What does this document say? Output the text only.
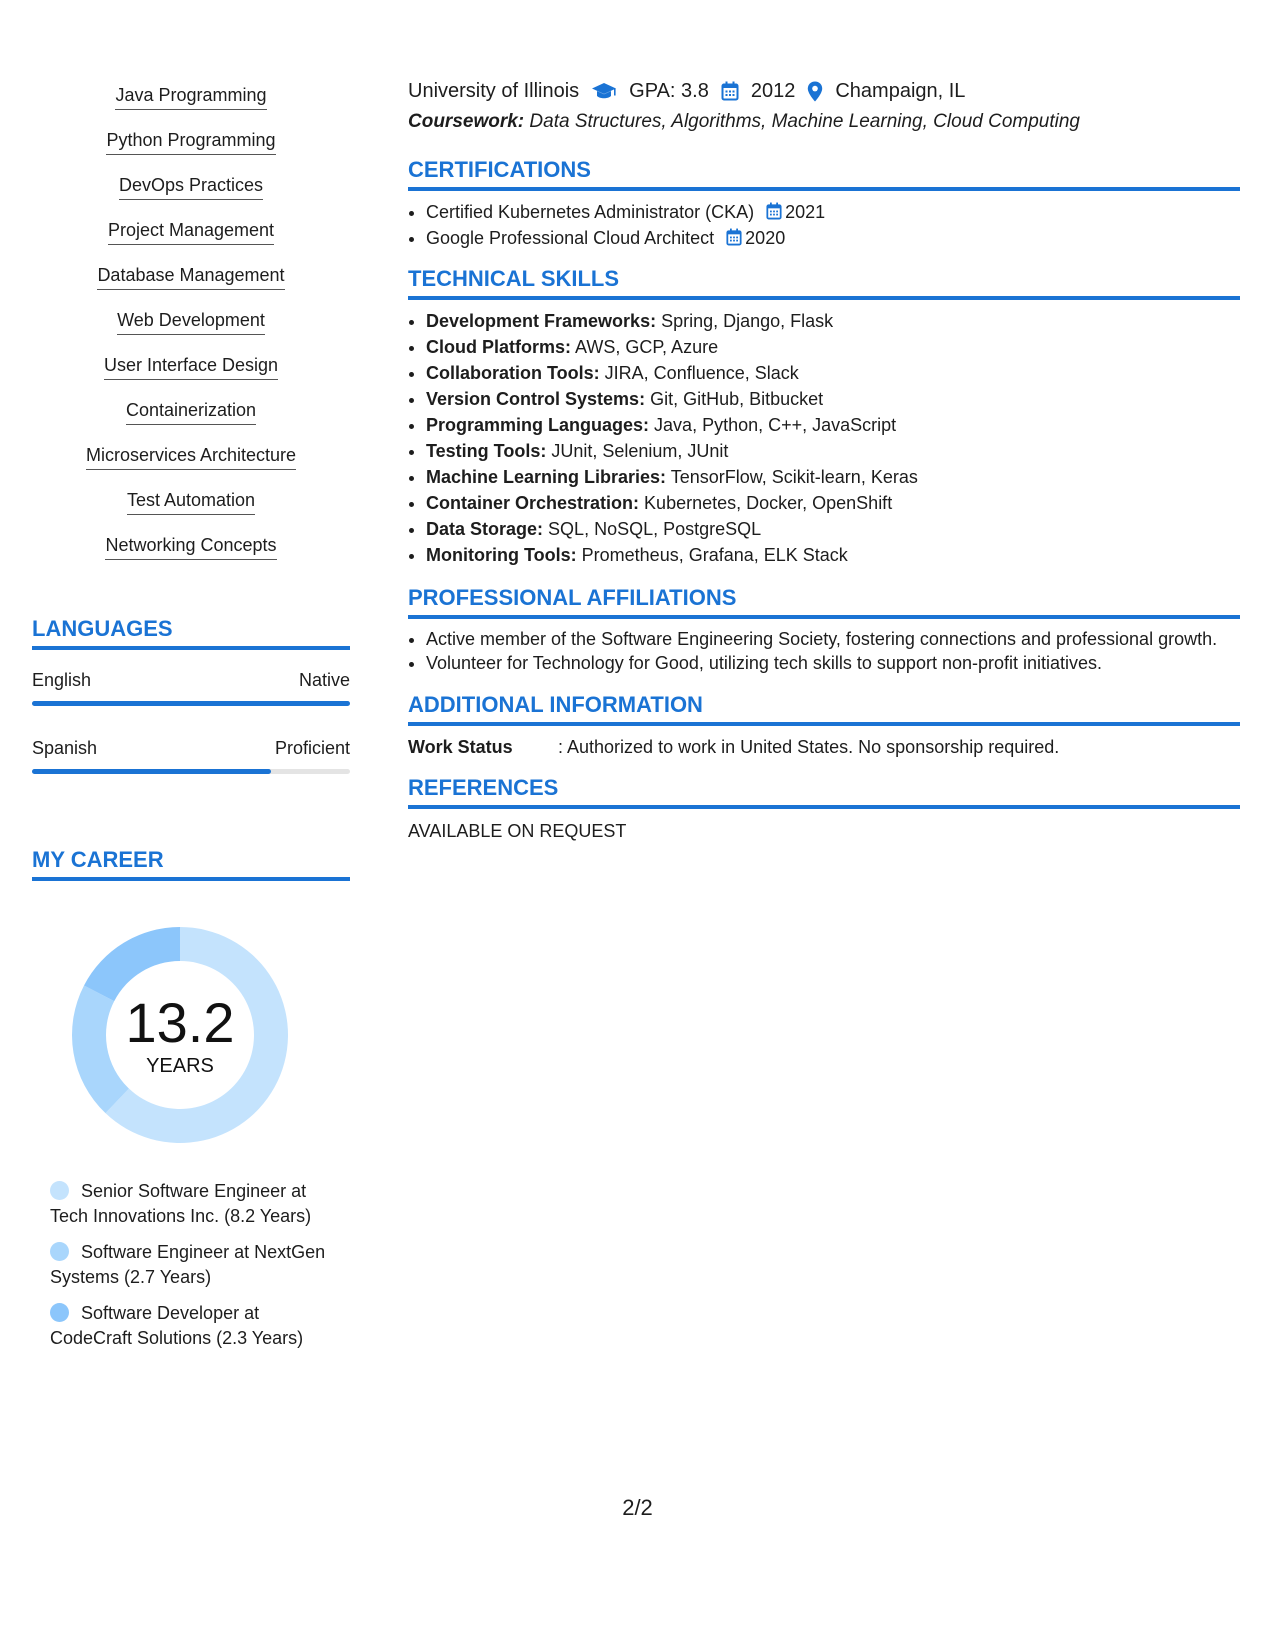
Java Programming
Python Programming
DevOps Practices
Project Management
Database Management
Web Development
User Interface Design
Containerization
Microservices Architecture
Test Automation
Networking Concepts
LANGUAGES
English	Native
Spanish	Proficient
MY CAREER
13.2
YEARS
Senior Software Engineer at Tech Innovations Inc. (8.2 Years)
Software Engineer at NextGen Systems (2.7 Years)
Software Developer at CodeCraft Solutions (2.3 Years)
University of Illinois	GPA: 3.8 2012 Champaign, IL
Coursework: Data Structures, Algorithms, Machine Learning, Cloud Computing
CERTIFICATIONS
• Certified Kubernetes Administrator (CKA) 2021
• Google Professional Cloud Architect 2020
TECHNICAL SKILLS
• Development Frameworks: Spring, Django, Flask
• Cloud Platforms: AWS, GCP, Azure
• Collaboration Tools: JIRA, Confluence, Slack
• Version Control Systems: Git, GitHub, Bitbucket
• Programming Languages: Java, Python, C++, JavaScript
• Testing Tools: JUnit, Selenium, JUnit
• Machine Learning Libraries: TensorFlow, Scikit-learn, Keras
• Container Orchestration: Kubernetes, Docker, OpenShift
• Data Storage: SQL, NoSQL, PostgreSQL
• Monitoring Tools: Prometheus, Grafana, ELK Stack
PROFESSIONAL AFFILIATIONS
• Active member of the Software Engineering Society, fostering connections and professional growth.
• Volunteer for Technology for Good, utilizing tech skills to support non-profit initiatives.
ADDITIONAL INFORMATION
Work Status	: Authorized to work in United States. No sponsorship required.
REFERENCES
AVAILABLE ON REQUEST
2/2
